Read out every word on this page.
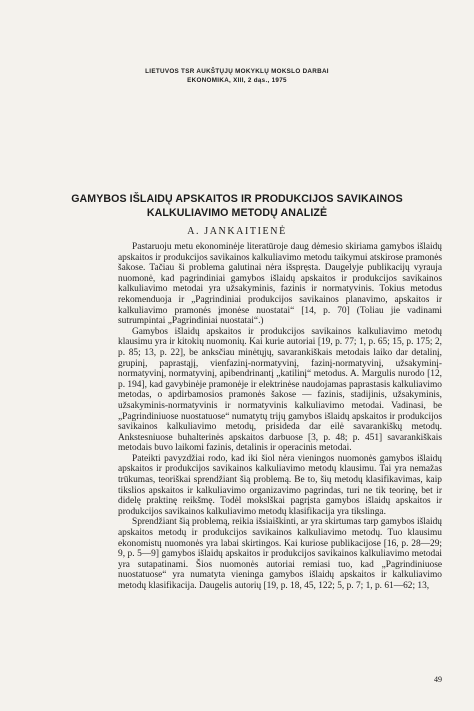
LIETUVOS TSR AUKŠTŲJŲ MOKYKLŲ MOKSLO DARBAI
EKONOMIKA, XIII, 2 dąs., 1975
GAMYBOS IŠLAIDŲ APSKAITOS IR PRODUKCIJOS SAVIKAINOS
KALKULIAVIMO METODŲ ANALIZĖ
A. JANKAITIENĖ

Pastaruoju metu ekonominėje literatūroje daug dėmesio skiriama gamybos išlaidų apskaitos ir produkcijos savikainos kalkuliavimo metodu taikymui atskirose pramonės šakose. Tačiau ši problema galutinai nėra išspręsta. Daugelyje publikacijų vyrauja nuomonė, kad pagrindiniai gamybos išlaidų apskaitos ir produkcijos savikainos kalkuliavimo metodai yra užsakyminis, fazinis ir normatyvinis. Tokius metodus rekomenduoja ir „Pagrindiniai produkcijos savikainos planavimo, apskaitos ir kalkuliavimo pramonės įmonėse nuostatai“ [14, p. 70] (Toliau jie vadinami sutrumpintai „Pagrindiniai nuostatai“.)

Gamybos išlaidų apskaitos ir produkcijos savikainos kalkuliavimo metodų klausimu yra ir kitokių nuomonių. Kai kurie autoriai [19, p. 77; 1, p. 65; 15, p. 175; 2, p. 85; 13, p. 22], be anksčiau minėtųjų, savarankiškais metodais laiko dar detalinį, grupinį, paprastąjį, vienfazinį-normatyvinį, fazinį-normatyvinį, užsakyminį-normatyvinį, normatyvinį, apibendrinantį „katilinį“ metodus. A. Margulis nurodo [12, p. 194], kad gavybinėje pramonėje ir elektrinėse naudojamas paprastasis kalkuliavimo metodas, o apdirbamosios pramonės šakose — fazinis, stadijinis, užsakyminis, užsakyminis-normatyvinis ir normatyvinis kalkuliavimo metodai. Vadinasi, be „Pagrindiniuose nuostatuose“ numatytų trijų gamybos išlaidų apskaitos ir produkcijos savikainos kalkuliavimo metodų, prisideda dar eilė savarankiškų metodų. Ankstesniuose buhalterinės apskaitos darbuose [3, p. 48; p. 451] savarankiškais metodais buvo laikomi fazinis, detalinis ir operacinis metodai.

Pateikti pavyzdžiai rodo, kad iki šiol nėra vieningos nuomonės gamybos išlaidų apskaitos ir produkcijos savikainos kalkuliavimo metodų klausimu. Tai yra nemažas trūkumas, teoriškai sprendžiant šią problemą. Be to, šių metodų klasifikavimas, kaip tikslios apskaitos ir kalkuliavimo organizavimo pagrindas, turi ne tik teorinę, bet ir didelę praktinę reikšmę. Todėl mokslškai pagrįsta gamybos išlaidų apskaitos ir produkcijos savikainos kalkuliavimo metodų klasifikacija yra tikslinga.

Sprendžiant šią problemą, reikia išsiaiškinti, ar yra skirtumas tarp gamybos išlaidų apskaitos metodų ir produkcijos savikainos kalkuliavimo metodų. Tuo klausimu ekonomistų nuomonės yra labai skirtingos. Kai kuriose publikacijose [16, p. 28—29; 9, p. 5—9] gamybos išlaidų apskaitos ir produkcijos savikainos kalkuliavimo metodai yra sutapatinami. Šios nuomonės autoriai remiasi tuo, kad „Pagrindiniuose nuostatuose“ yra numatyta vieninga gamybos išlaidų apskaitos ir kalkuliavimo metodų klasifikacija. Daugelis autorių [19, p. 18, 45, 122; 5, p. 7; 1, p. 61—62; 13,

49
